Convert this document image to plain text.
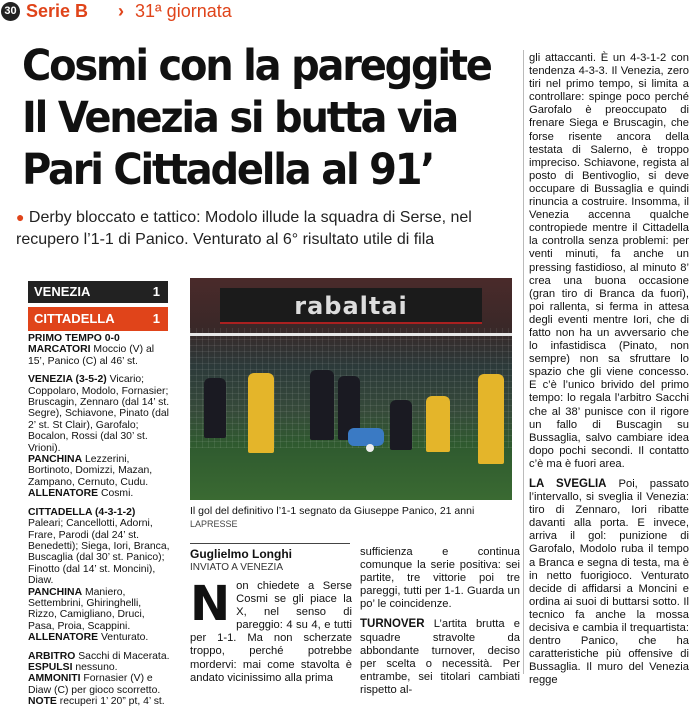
30 Serie B › 31ª giornata
Cosmi con la pareggite
Il Venezia si butta via
Pari Cittadella al 91’
● Derby bloccato e tattico: Modolo illude la squadra di Serse, nel recupero l’1-1 di Panico. Venturato al 6° risultato utile di fila
VENEZIA	1
CITTADELLA	1

PRIMO TEMPO 0-0

MARCATORI Moccio (V) al 15’, Panico (C) al 46’ st.

VENEZIA (3-5-2) Vicario; Coppolaro, Modolo, Fornasier; Bruscagin, Zennaro (dal 14’ st. Segre), Schiavone, Pinato (dal 2’ st. St Clair), Garofalo; Bocalon, Rossi (dal 30’ st. Vrioni).

PANCHINA Lezzerini, Bortinoto, Domizzi, Mazan, Zampano, Cernuto, Cudu.

ALLENATORE Cosmi.

CITTADELLA (4-3-1-2) Paleari; Cancellotti, Adorni, Frare, Parodi (dal 24’ st. Benedetti); Siega, Iori, Branca, Buscaglia (dal 30’ st. Panico); Finotto (dal 14’ st. Moncini), Diaw.

PANCHINA Maniero, Settembrini, Ghiringhelli, Rizzo, Camigliano, Druci, Pasa, Proia, Scappini.

ALLENATORE Venturato.

ARBITRO Sacchi di Macerata.

ESPULSI nessuno.

AMMONITI Fornasier (V) e Diaw (C) per gioco scorretto.

NOTE recuperi 1’ 20” pt, 4’ st.

rabaltai
Il gol del definitivo l’1-1 segnato da Giuseppe Panico, 21 anni LAPRESSE
Guglielmo Longhi
INVIATO A VENEZIA
N on chiedete a Serse Cosmi se gli piace la X, nel senso di pareggio: 4 su 4, e tutti per 1-1. Ma non scherzate troppo, perché potrebbe mordervi: mai come stavolta è andato vicinissimo alla prima

sufficienza e continua comunque la serie positiva: sei partite, tre vittorie poi tre pareggi, tutti per 1-1. Guarda un po’ le coincidenze.

TURNOVER L’artita brutta e squadre stravolte da abbondante turnover, deciso per scelta o necessità. Per entrambe, sei titolari cambiati rispetto al-

gli attaccanti. È un 4-3-1-2 con tendenza 4-3-3. Il Venezia, zero tiri nel primo tempo, si limita a controllare: spinge poco perché Garofalo è preoccupato di frenare Siega e Bruscagin, che forse risente ancora della testata di Salerno, è troppo impreciso. Schiavone, regista al posto di Bentivoglio, si deve occupare di Bussaglia e quindi rinuncia a costruire. Insomma, il Venezia accenna qualche contropiede mentre il Cittadella la controlla senza problemi: per venti minuti, fa anche un pressing fastidioso, al minuto 8’ crea una buona occasione (gran tiro di Branca da fuori), poi rallenta, si ferma in attesa degli eventi mentre Iori, che di fatto non ha un avversario che lo infastidisca (Pinato, non sempre) non sa sfruttare lo spazio che gli viene concesso. E c’è l’unico brivido del primo tempo: lo regala l’arbitro Sacchi che al 38’ punisce con il rigore un fallo di Buscagin su Bussaglia, salvo cambiare idea dopo pochi secondi. Il contatto c’è ma è fuori area.

LA SVEGLIA Poi, passato l’intervallo, si sveglia il Venezia: tiro di Zennaro, Iori ribatte davanti alla porta. E invece, arriva il gol: punizione di Garofalo, Modolo ruba il tempo a Branca e segna di testa, ma è in netto fuorigioco. Venturato decide di affidarsi a Moncini e ordina ai suoi di buttarsi sotto. Il tecnico fa anche la mossa decisiva e cambia il trequartista: dentro Panico, che ha caratteristiche più offensive di Bussaglia. Il muro del Venezia regge
